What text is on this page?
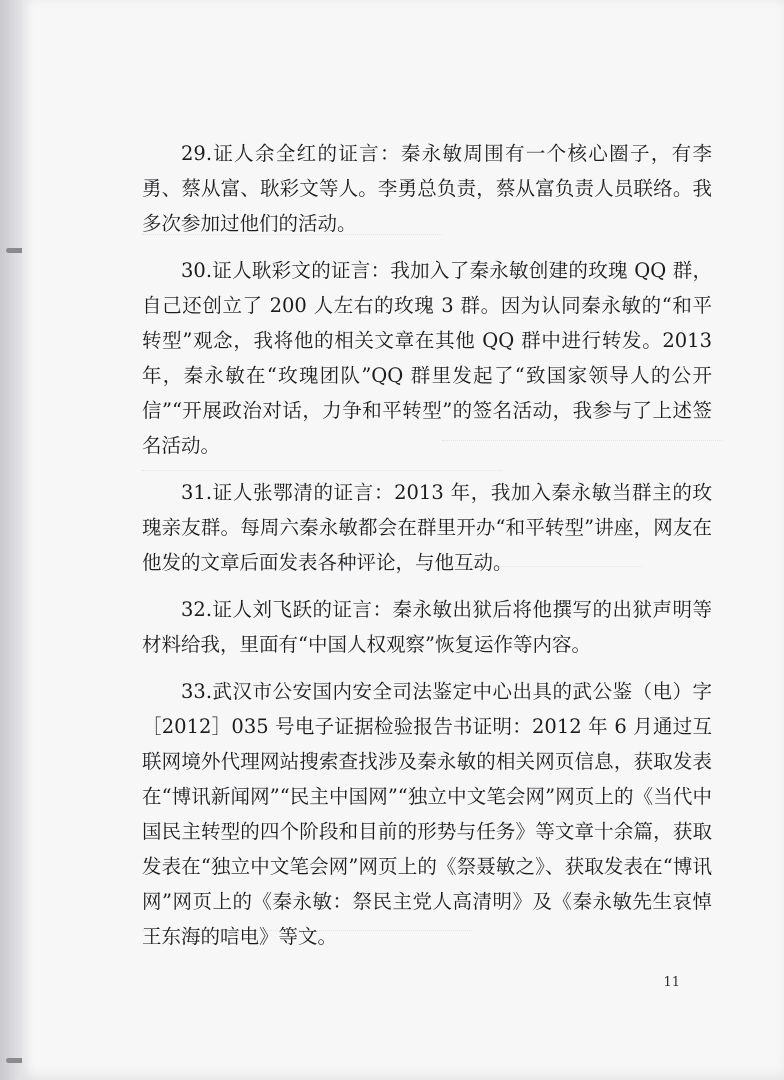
29.证人余全红的证言：秦永敏周围有一个核心圈子，有李勇、蔡从富、耿彩文等人。李勇总负责，蔡从富负责人员联络。我多次参加过他们的活动。

30.证人耿彩文的证言：我加入了秦永敏创建的玫瑰 QQ 群，自己还创立了 200 人左右的玫瑰 3 群。因为认同秦永敏的“和平转型”观念，我将他的相关文章在其他 QQ 群中进行转发。2013 年，秦永敏在“玫瑰团队”QQ 群里发起了“致国家领导人的公开信”“开展政治对话，力争和平转型”的签名活动，我参与了上述签名活动。

31.证人张鄂清的证言：2013 年，我加入秦永敏当群主的玫瑰亲友群。每周六秦永敏都会在群里开办“和平转型”讲座，网友在他发的文章后面发表各种评论，与他互动。

32.证人刘飞跃的证言：秦永敏出狱后将他撰写的出狱声明等材料给我，里面有“中国人权观察”恢复运作等内容。

33.武汉市公安国内安全司法鉴定中心出具的武公鉴（电）字［2012］035 号电子证据检验报告书证明：2012 年 6 月通过互联网境外代理网站搜索查找涉及秦永敏的相关网页信息，获取发表在“博讯新闻网”“民主中国网”“独立中文笔会网”网页上的《当代中国民主转型的四个阶段和目前的形势与任务》等文章十余篇，获取发表在“独立中文笔会网”网页上的《祭聂敏之》、获取发表在“博讯网”网页上的《秦永敏：祭民主党人高清明》及《秦永敏先生哀悼王东海的唁电》等文。

11
